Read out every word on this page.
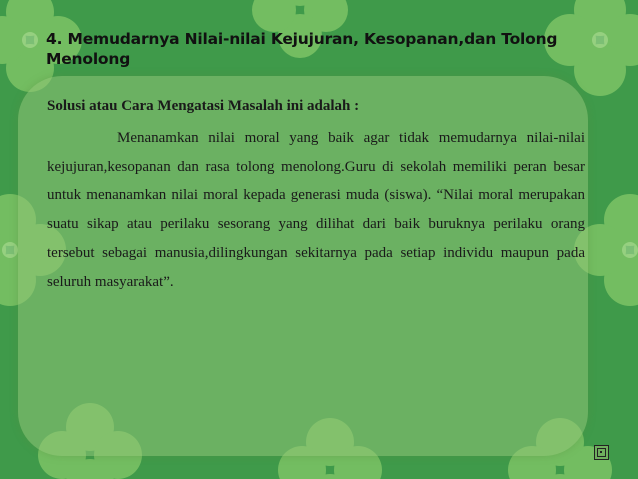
4. Memudarnya Nilai-nilai Kejujuran, Kesopanan,dan Tolong
Menolong

Solusi atau Cara Mengatasi Masalah ini adalah :

Menanamkan nilai moral yang baik agar tidak memudarnya nilai-nilai kejujuran,kesopanan dan rasa tolong menolong.Guru di sekolah memiliki peran besar untuk menanamkan nilai moral kepada generasi muda (siswa). “Nilai moral merupakan suatu sikap atau perilaku sesorang yang dilihat dari baik buruknya perilaku orang tersebut sebagai manusia,dilingkungan sekitarnya pada setiap individu maupun pada seluruh masyarakat”.
